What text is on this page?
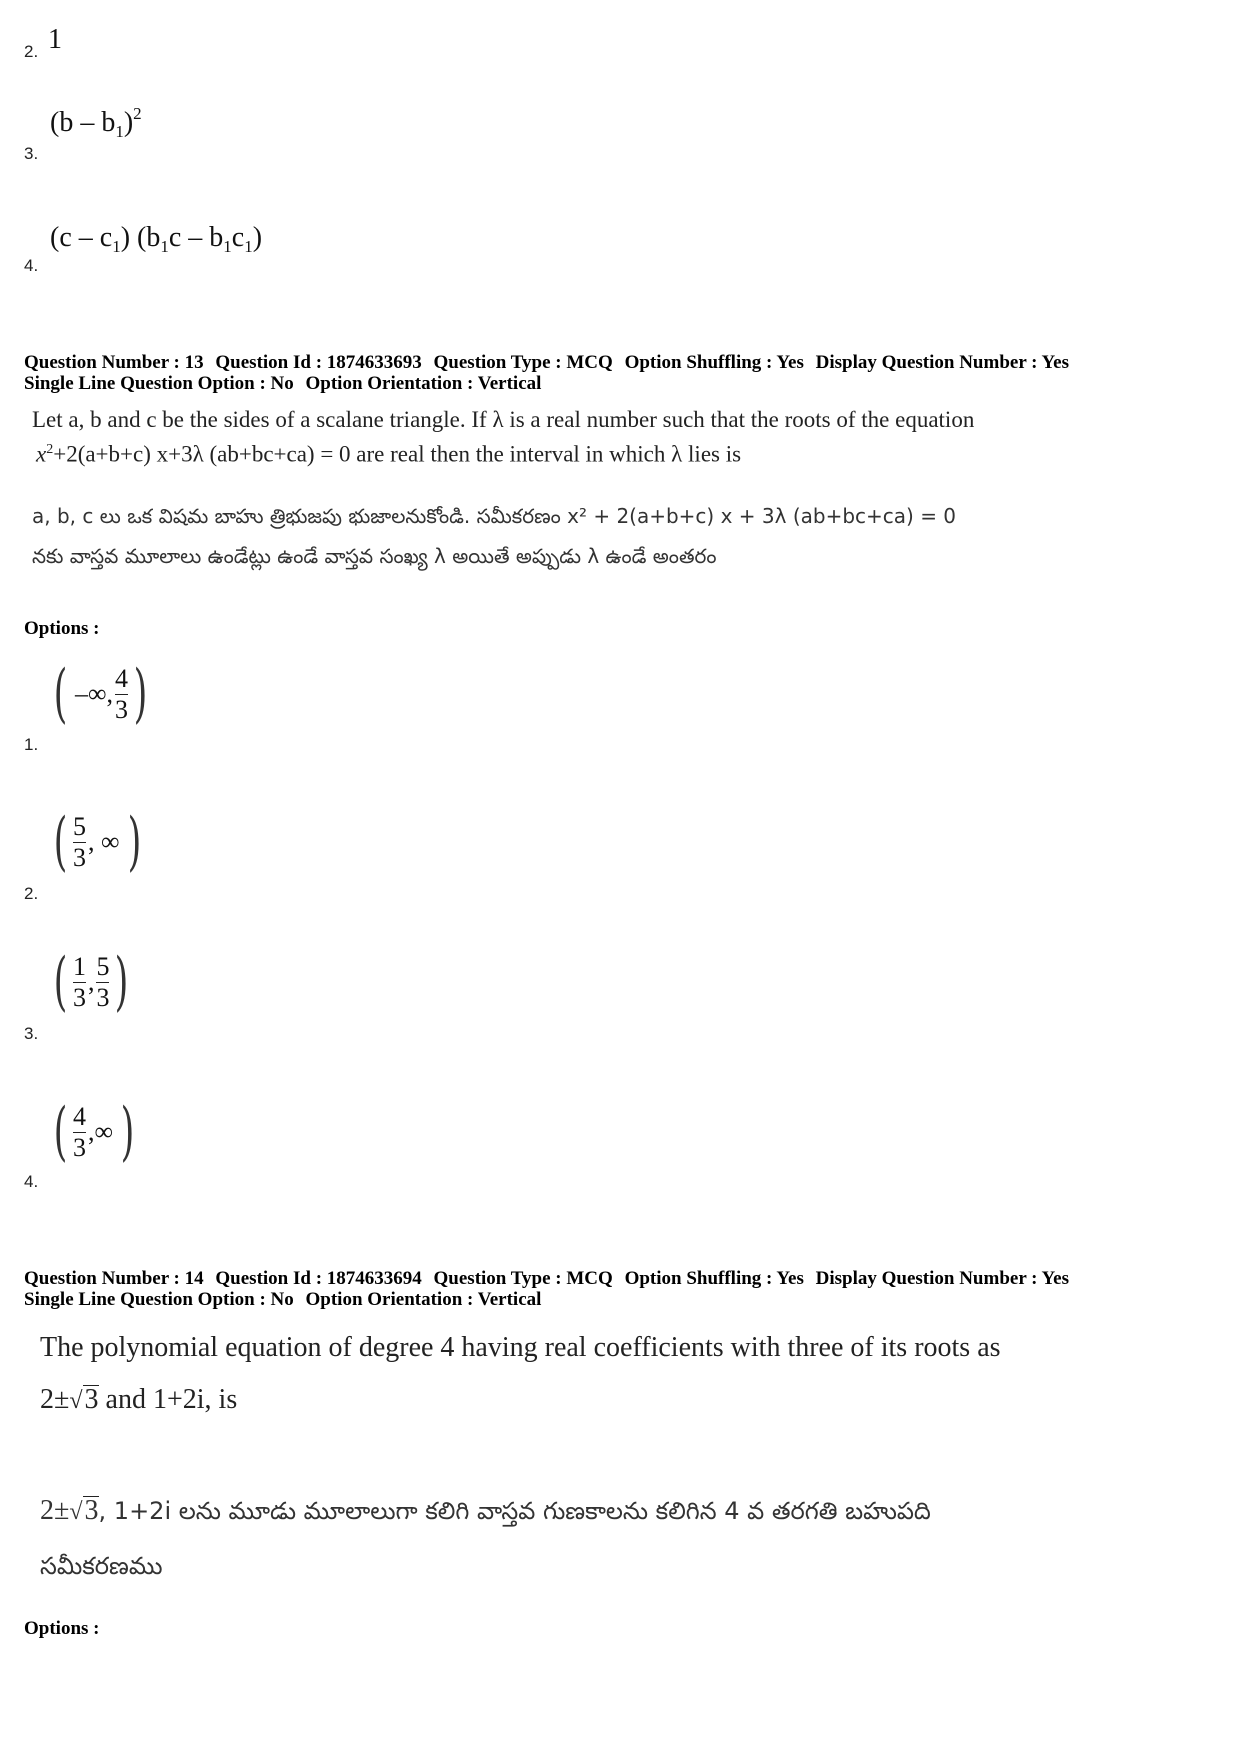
2. 1
3.
$(b - b_1)^2$
4.
$(c - c_1)$ $(b_1c - b_1c_1)$
Question Number : 13 Question Id : 1874633693 Question Type : MCQ Option Shuffling : Yes Display Question Number : Yes
Single Line Question Option : No Option Orientation : Vertical
Let a, b and c be the sides of a scalane triangle. If λ is a real number such that the roots of the equation
$x^2+2(a+b+c)$ x+3λ (ab+bc+ca) = 0 are real then the interval in which λ lies is
a, b, c లు ఒక విషమ బాహు త్రిభుజపు భుజాలనుకోండి. సమీకరణం x² + 2(a+b+c) x + 3λ (ab+bc+ca) = 0
నకు వాస్తవ మూలాలు ఉండేట్లు ఉండే వాస్తవ సంఖ్య λ అయితే అప్పుడు λ ఉండే అంతరం
Options :
1.
( –∞, $\frac{4}{3}$ )
2.
( $\frac{5}{3}$ , ∞ )
3.
( $\frac{1}{3}$ , $\frac{5}{3}$ )
4.
( $\frac{4}{3}$ ,∞ )
Question Number : 14 Question Id : 1874633694 Question Type : MCQ Option Shuffling : Yes Display Question Number : Yes
Single Line Question Option : No Option Orientation : Vertical
The polynomial equation of degree 4 having real coefficients with three of its roots as
2±√3 and 1+2i, is
2±√3, 1+2i లను మూడు మూలాలుగా కలిగి వాస్తవ గుణకాలను కలిగిన 4 వ తరగతి బహుపది
సమీకరణము
Options :
